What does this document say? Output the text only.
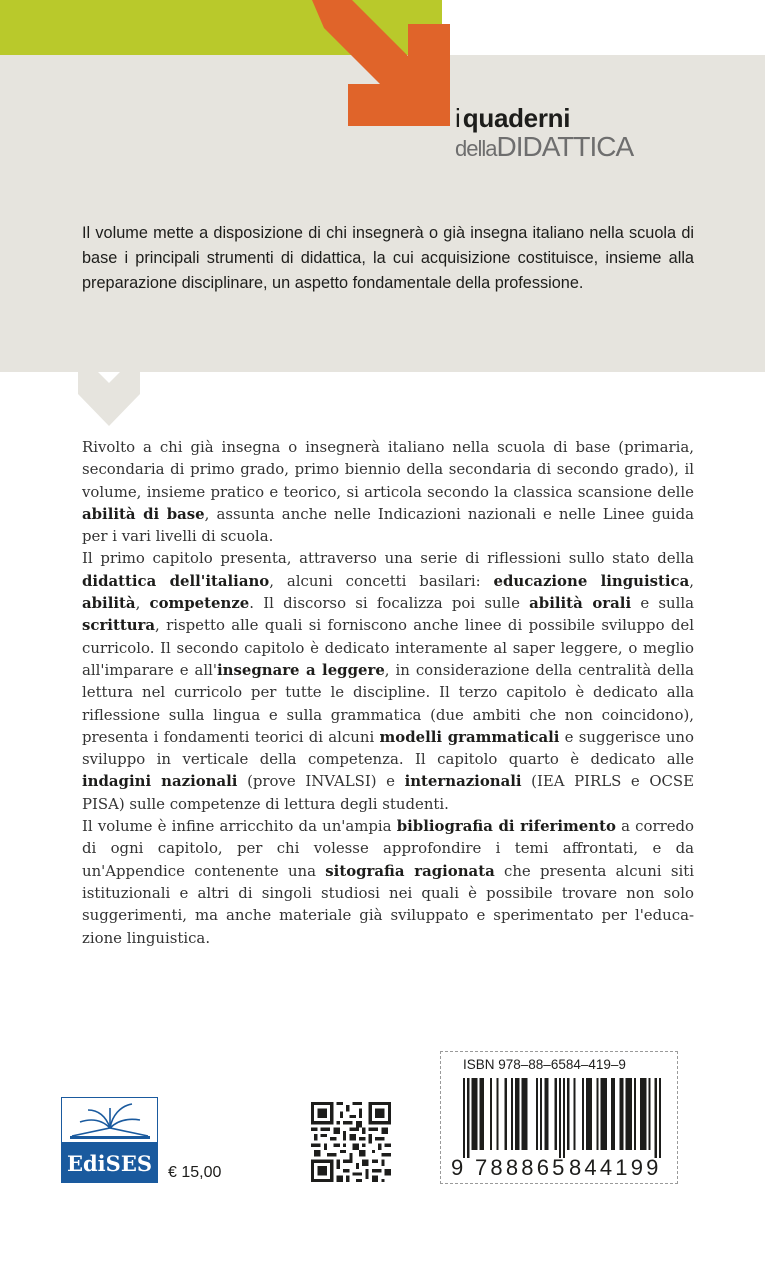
iquaderni
dellaDIDATTICA
Il volume mette a disposizione di chi insegnerà o già insegna italiano nella scuola di base i principali strumenti di didattica, la cui acquisizione costituisce, insieme alla preparazione disciplinare, un aspetto fondamentale della professione.

Rivolto a chi già insegna o insegnerà italiano nella scuola di base (primaria, secondaria di primo grado, primo biennio della secondaria di secondo grado), il volume, insieme pratico e teorico, si articola secondo la classica scansione delle abilità di base, assunta anche nelle Indicazioni nazionali e nelle Linee guida per i vari livelli di scuola.

Il primo capitolo presenta, attraverso una serie di riflessioni sullo stato della didattica dell'italiano, alcuni concetti basilari: educazione linguistica, abilità, competenze. Il discorso si focalizza poi sulle abilità orali e sulla scrittura, rispetto alle quali si forniscono anche linee di possibile sviluppo del curricolo. Il secondo capitolo è dedicato interamente al saper leggere, o meglio all'imparare e all'insegnare a leggere, in considerazione della centralità della lettura nel curricolo per tutte le discipline. Il terzo capitolo è dedicato alla riflessione sulla lingua e sulla grammatica (due ambiti che non coincidono), presenta i fondamenti teorici di alcuni modelli grammaticali e suggerisce uno sviluppo in verticale della competenza. Il capitolo quarto è dedicato alle indagini nazionali (prove INVALSI) e internazionali (IEA PIRLS e OCSE PISA) sulle competenze di lettura degli studenti.

Il volume è infine arricchito da un'ampia bibliografia di riferimento a corredo di ogni capitolo, per chi volesse approfondire i temi affrontati, e da un'Appendice contenente una sitografia ragionata che presenta alcuni siti istituzionali e altri di singoli studiosi nei quali è possibile trovare non solo suggerimenti, ma anche materiale già sviluppato e sperimentato per l'educazione linguistica.

EdiSES	€ 15,00
ISBN 978–88–6584–419–9
9 788865 844199
